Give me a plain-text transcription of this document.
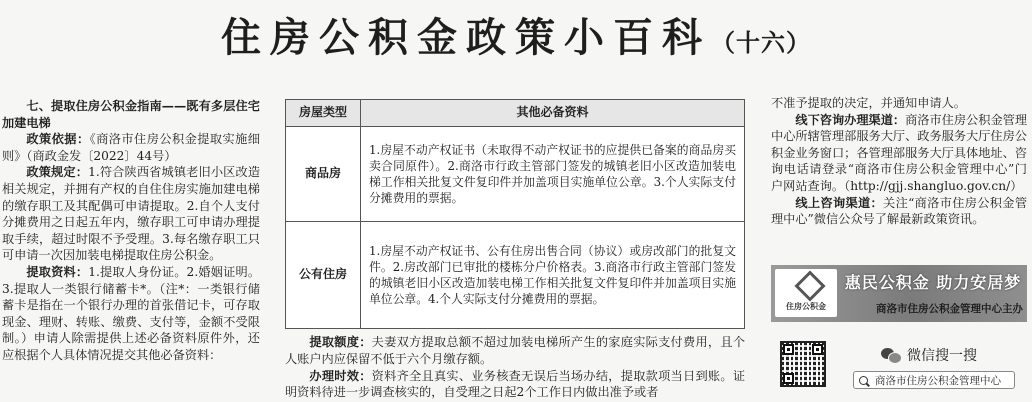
住房公积金政策小百科（十六）

七、提取住房公积金指南——既有多层住宅加建电梯

政策依据：《商洛市住房公积金提取实施细则》（商政金发〔2022〕44号）

政策规定：1.符合陕西省城镇老旧小区改造相关规定，并拥有产权的自住住房实施加建电梯的缴存职工及其配偶可申请提取。2.自个人支付分摊费用之日起五年内，缴存职工可申请办理提取手续，超过时限不予受理。3.每名缴存职工只可申请一次因加装电梯提取住房公积金。

提取资料：1.提取人身份证。2.婚姻证明。3.提取人一类银行储蓄卡*。（注*：一类银行储蓄卡是指在一个银行办理的首张借记卡，可存取现金、理财、转账、缴费、支付等，金额不受限制。）申请人除需提供上述必备资料原件外，还应根据个人具体情况提交其他必备资料：

房屋类型	其他必备资料
商品房	1.房屋不动产权证书（未取得不动产权证书的应提供已备案的商品房买卖合同原件）。2.商洛市行政主管部门签发的城镇老旧小区改造加装电梯工作相关批复文件复印件并加盖项目实施单位公章。3.个人实际支付分摊费用的票据。
公有住房	1.房屋不动产权证书、公有住房出售合同（协议）或房改部门的批复文件。2.房改部门已审批的楼栋分户价格表。3.商洛市行政主管部门签发的城镇老旧小区改造加装电梯工作相关批复文件复印件并加盖项目实施单位公章。4.个人实际支付分摊费用的票据。

提取额度：夫妻双方提取总额不超过加装电梯所产生的家庭实际支付费用，且个人账户内应保留不低于六个月缴存额。

办理时效：资料齐全且真实、业务核查无误后当场办结，提取款项当日到账。证明资料待进一步调查核实的，自受理之日起2个工作日内做出准予或者

不准予提取的决定，并通知申请人。

线下咨询办理渠道：商洛市住房公积金管理中心所辖管理部服务大厅、政务服务大厅住房公积金业务窗口；各管理部服务大厅具体地址、咨询电话请登录“商洛市住房公积金管理中心”门户网站查询。（http://gjj.shangluo.gov.cn/）

线上咨询渠道：关注“商洛市住房公积金管理中心”微信公众号了解最新政策资讯。

住房公积金
惠民公积金 助力安居梦
商洛市住房公积金管理中心主办
微信搜一搜
商洛市住房公积金管理中心
